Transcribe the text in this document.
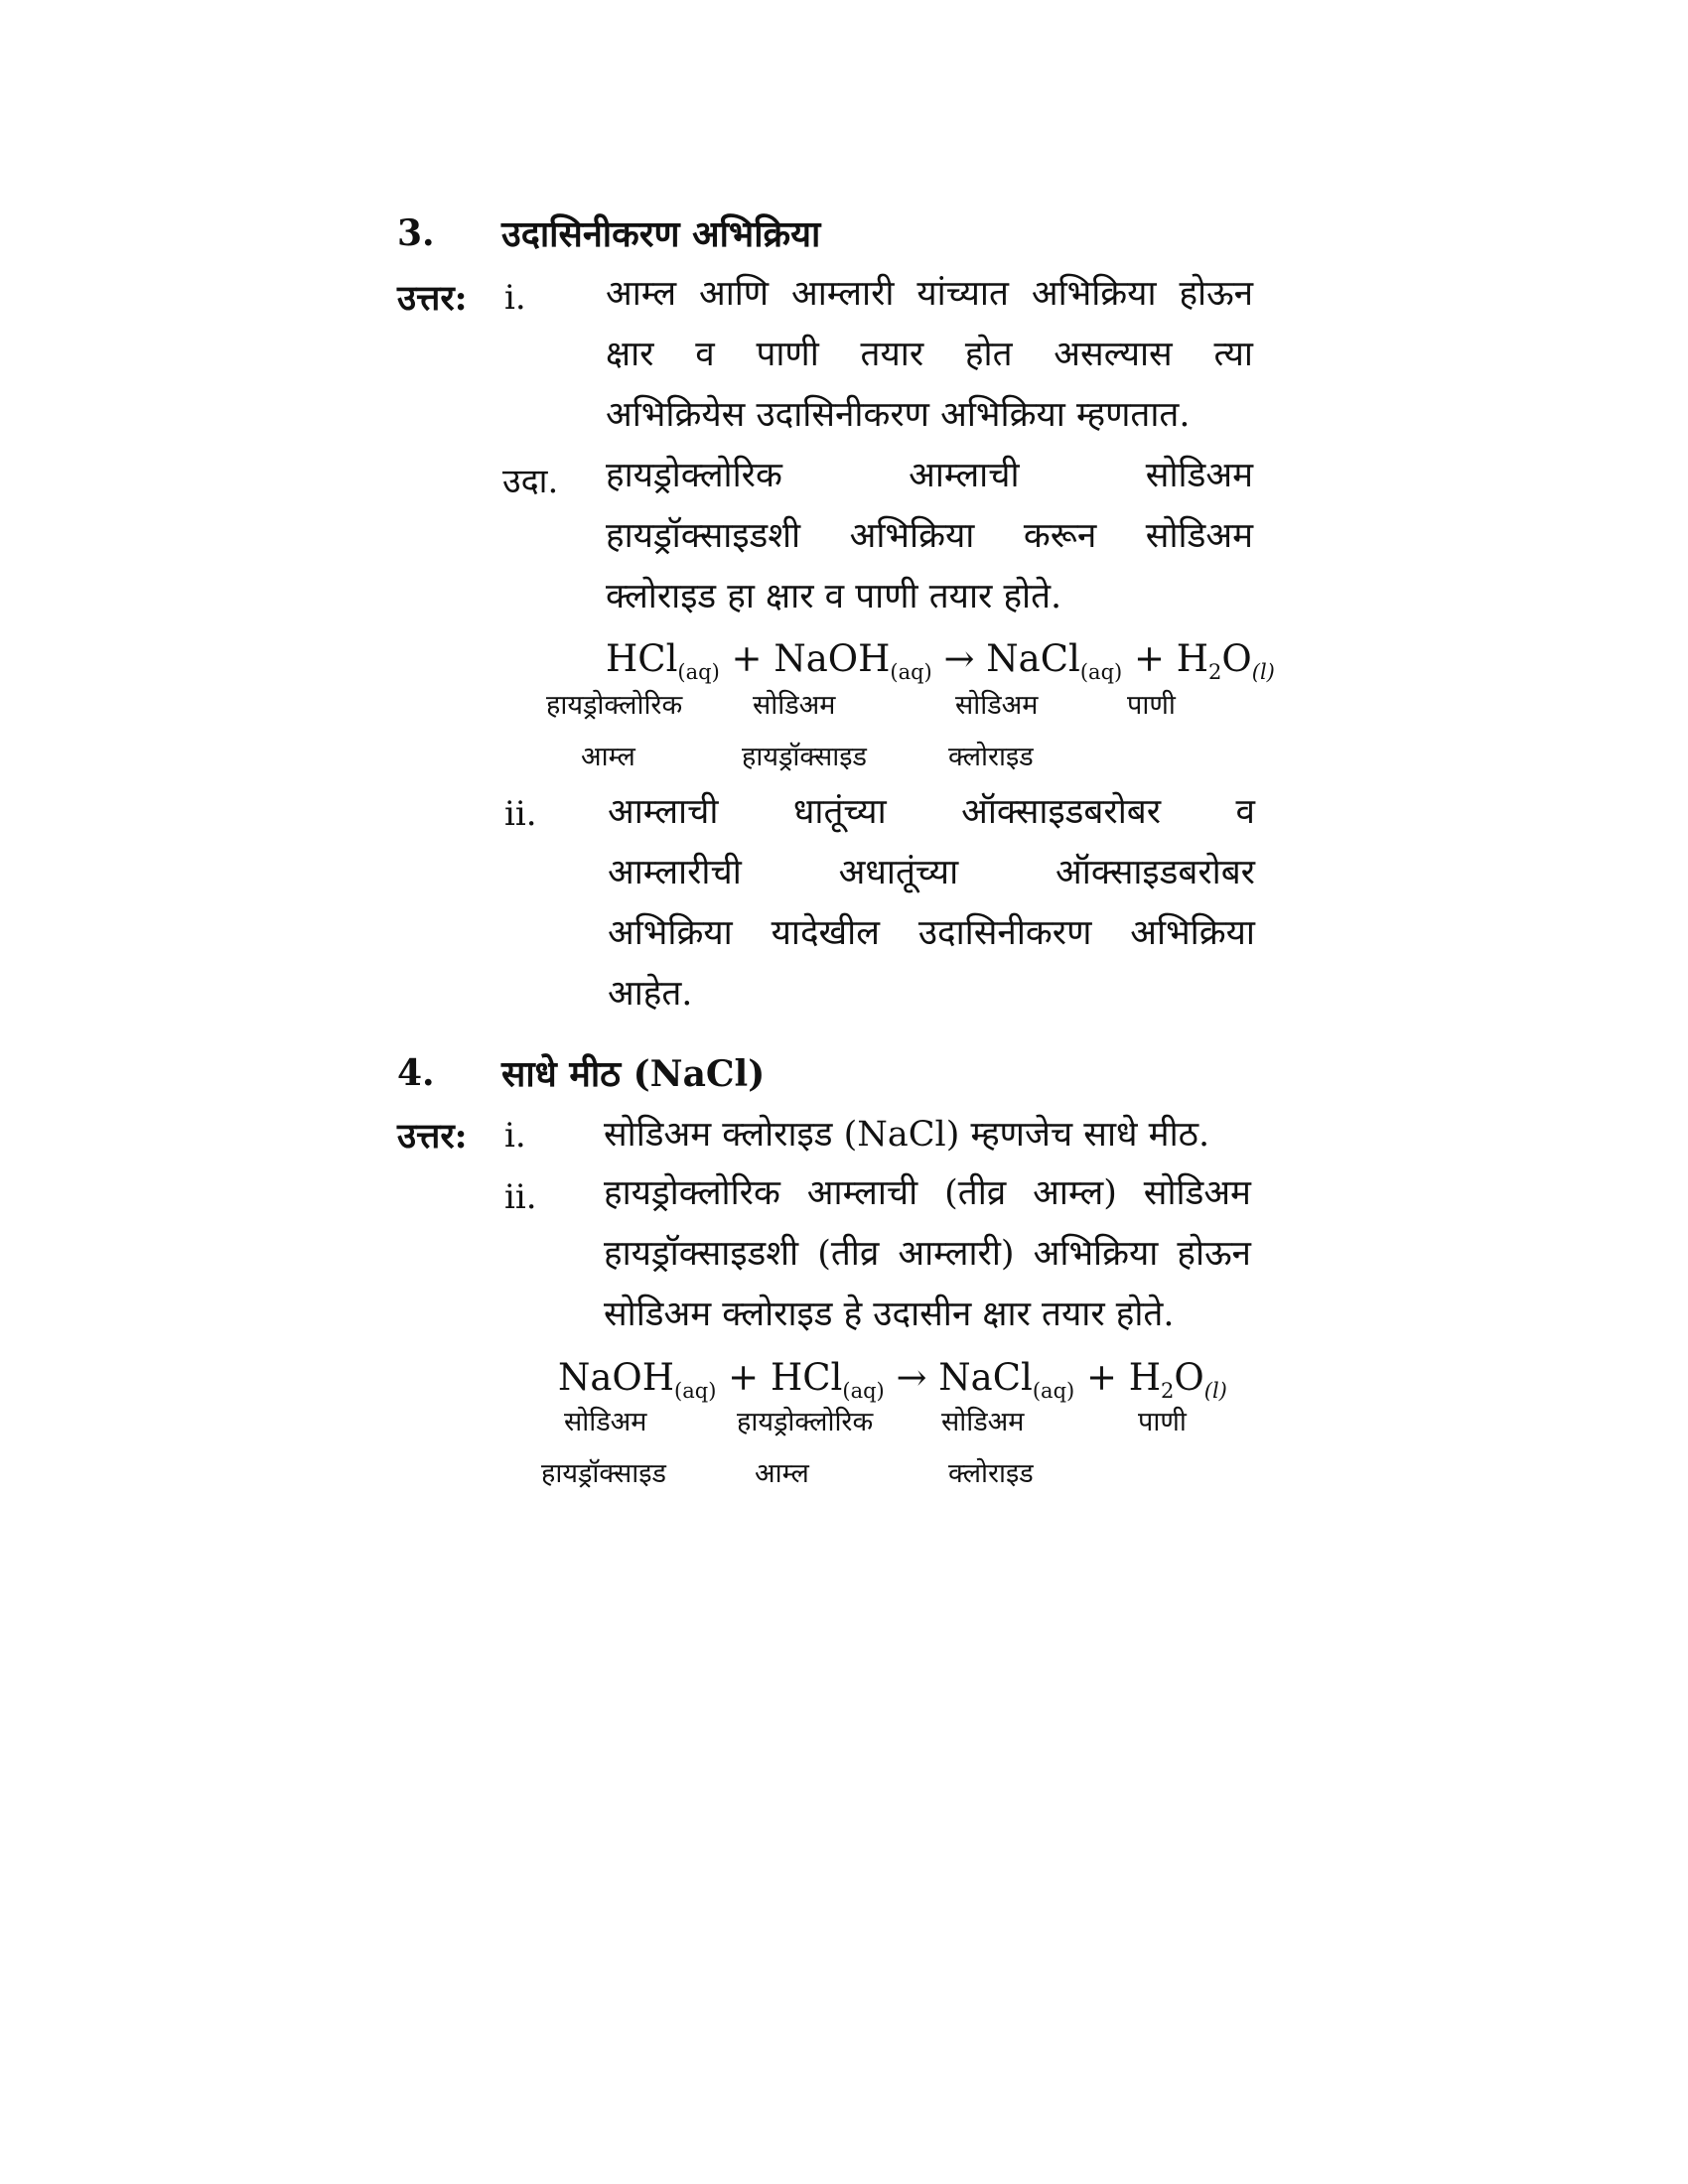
3. उदासिनीकरण अभिक्रिया
उत्तर: i. आम्ल आणि आम्लारी यांच्यात अभिक्रिया होऊन
क्षार व पाणी तयार होत असल्यास त्या
अभिक्रियेस उदासिनीकरण अभिक्रिया म्हणतात.
उदा. हायड्रोक्लोरिक आम्लाची सोडिअम
हायड्रॉक्साइडशी अभिक्रिया करून सोडिअम
क्लोराइड हा क्षार व पाणी तयार होते.
HCl$_{(aq)}$ + NaOH$_{(aq)}$ → NaCl$_{(aq)}$ + $H_2O_{(l)}$
हायड्रोक्लोरिक
आम्ल
सोडिअम
हायड्रॉक्साइड
सोडिअम
क्लोराइड
पाणी
ii. आम्लाची धातूंच्या ऑक्साइडबरोबर व
आम्लारीची अधातूंच्या ऑक्साइडबरोबर
अभिक्रिया यादेखील उदासिनीकरण अभिक्रिया
आहेत.
4. साधे मीठ (NaCl)
उत्तर: i. सोडिअम क्लोराइड (NaCl) म्हणजेच साधे मीठ.
ii. हायड्रोक्लोरिक आम्लाची (तीव्र आम्ल) सोडिअम
हायड्रॉक्साइडशी (तीव्र आम्लारी) अभिक्रिया होऊन
सोडिअम क्लोराइड हे उदासीन क्षार तयार होते.
NaOH$_{(aq)}$ + HCl$_{(aq)}$ → NaCl$_{(aq)}$ + $H_2O_{(l)}$
सोडिअम
हायड्रॉक्साइड
हायड्रोक्लोरिक
आम्ल
सोडिअम
क्लोराइड
पाणी
